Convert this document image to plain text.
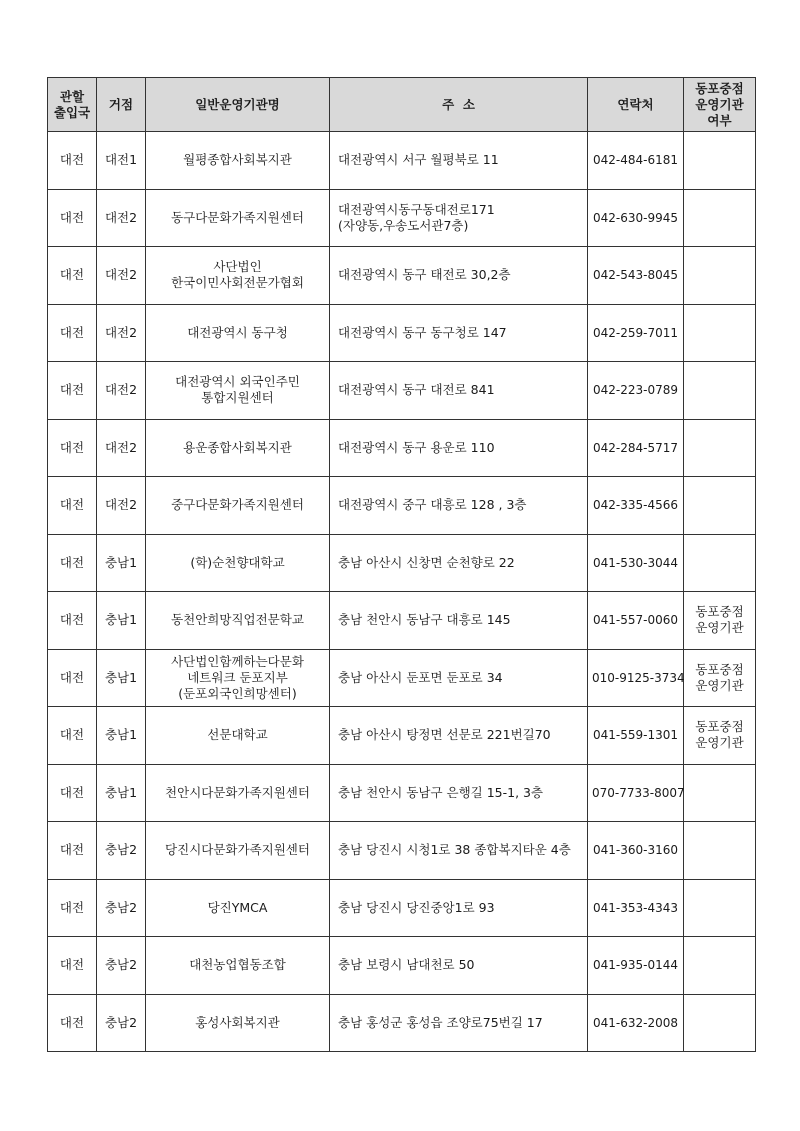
관할
출입국	거점	일반운영기관명	주  소	연락처	동포중점
운영기관
여부

대전	대전1	월평종합사회복지관	대전광역시 서구 월평북로 11	042-484-6181	
대전	대전2	동구다문화가족지원센터	대전광역시동구동대전로171
(자양동,우송도서관7층)	042-630-9945	
대전	대전2	사단법인
한국이민사회전문가협회	대전광역시 동구 태전로 30,2층	042-543-8045	
대전	대전2	대전광역시 동구청	대전광역시 동구 동구청로 147	042-259-7011	
대전	대전2	대전광역시 외국인주민
통합지원센터	대전광역시 동구 대전로 841	042-223-0789	
대전	대전2	용운종합사회복지관	대전광역시 동구 용운로 110	042-284-5717	
대전	대전2	중구다문화가족지원센터	대전광역시 중구 대흥로 128 , 3층	042-335-4566	
대전	충남1	(학)순천향대학교	충남 아산시 신창면 순천향로 22	041-530-3044	
대전	충남1	동천안희망직업전문학교	충남 천안시 동남구 대흥로 145	041-557-0060	동포중점
운영기관

대전	충남1	사단법인함께하는다문화
네트워크 둔포지부
(둔포외국인희망센터)	충남 아산시 둔포면 둔포로 34	010-9125-3734	동포중점
운영기관

대전	충남1	선문대학교	충남 아산시 탕정면 선문로 221번길70	041-559-1301	동포중점
운영기관

대전	충남1	천안시다문화가족지원센터	충남 천안시 동남구 은행길 15-1, 3층	070-7733-8007	
대전	충남2	당진시다문화가족지원센터	충남 당진시 시청1로 38 종합복지타운 4층	041-360-3160	
대전	충남2	당진YMCA	충남 당진시 당진중앙1로 93	041-353-4343	
대전	충남2	대천농업협동조합	충남 보령시 남대천로 50	041-935-0144	
대전	충남2	홍성사회복지관	충남 홍성군 홍성읍 조양로75번길 17	041-632-2008	
